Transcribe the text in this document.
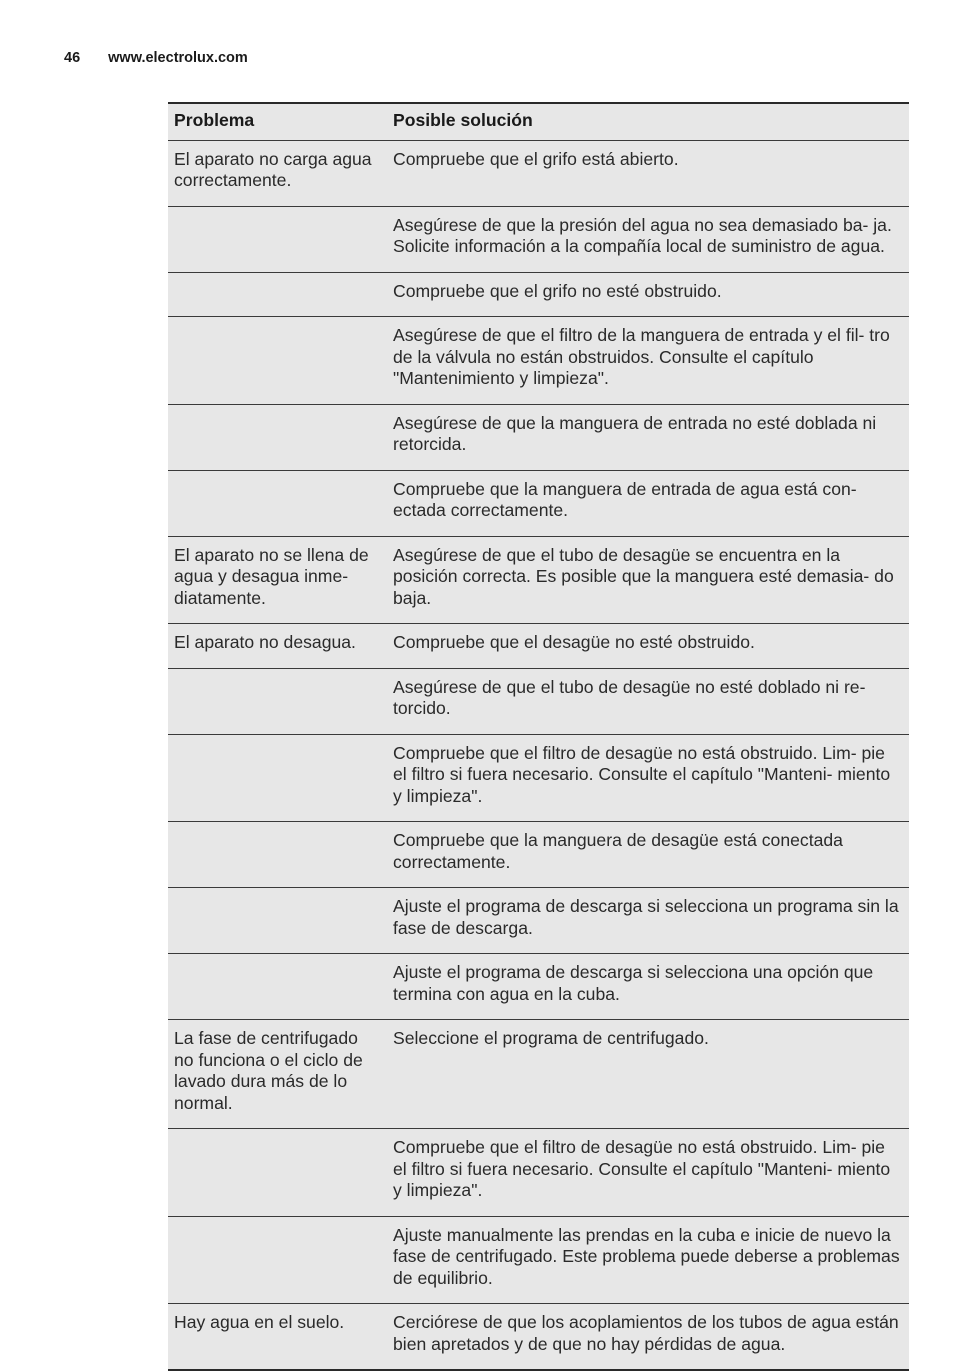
46 www.electrolux.com
Problema	Posible solución
El aparato no carga agua correctamente.	Compruebe que el grifo está abierto.
	Asegúrese de que la presión del agua no sea demasiado ba- ja. Solicite información a la compañía local de suministro de agua.
	Compruebe que el grifo no esté obstruido.
	Asegúrese de que el filtro de la manguera de entrada y el fil- tro de la válvula no están obstruidos. Consulte el capítulo "Mantenimiento y limpieza".
	Asegúrese de que la manguera de entrada no esté doblada ni retorcida.
	Compruebe que la manguera de entrada de agua está con- ectada correctamente.
El aparato no se llena de agua y desagua inme- diatamente.	Asegúrese de que el tubo de desagüe se encuentra en la posición correcta. Es posible que la manguera esté demasia- do baja.
El aparato no desagua.	Compruebe que el desagüe no esté obstruido.
	Asegúrese de que el tubo de desagüe no esté doblado ni re- torcido.
	Compruebe que el filtro de desagüe no está obstruido. Lim- pie el filtro si fuera necesario. Consulte el capítulo "Manteni- miento y limpieza".
	Compruebe que la manguera de desagüe está conectada correctamente.
	Ajuste el programa de descarga si selecciona un programa sin la fase de descarga.
	Ajuste el programa de descarga si selecciona una opción que termina con agua en la cuba.
La fase de centrifugado no funciona o el ciclo de lavado dura más de lo normal.	Seleccione el programa de centrifugado.
	Compruebe que el filtro de desagüe no está obstruido. Lim- pie el filtro si fuera necesario. Consulte el capítulo "Manteni- miento y limpieza".
	Ajuste manualmente las prendas en la cuba e inicie de nuevo la fase de centrifugado. Este problema puede deberse a problemas de equilibrio.
Hay agua en el suelo.	Cerciórese de que los acoplamientos de los tubos de agua están bien apretados y de que no hay pérdidas de agua.
